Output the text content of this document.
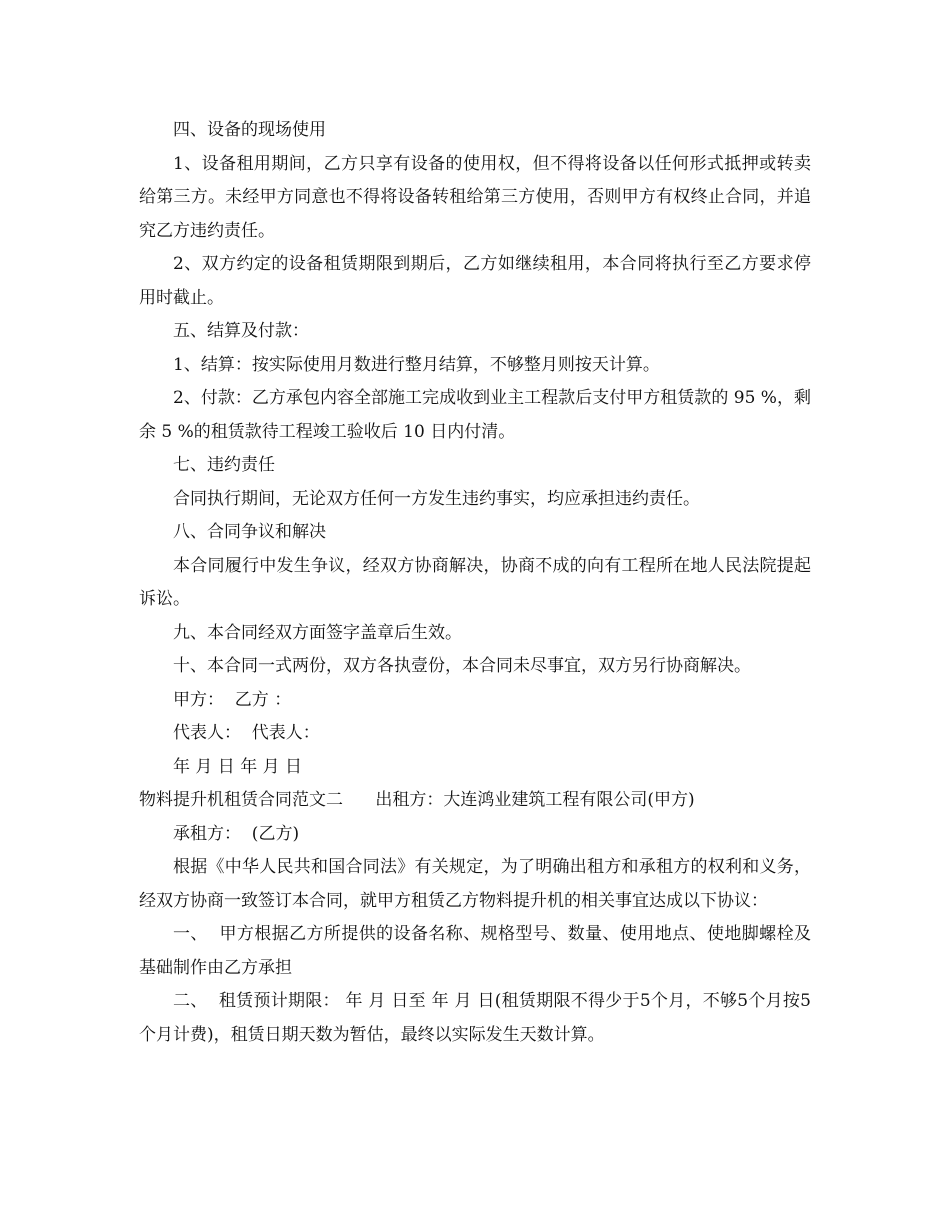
四、设备的现场使用

1、设备租用期间，乙方只享有设备的使用权，但不得将设备以任何形式抵押或转卖给第三方。未经甲方同意也不得将设备转租给第三方使用，否则甲方有权终止合同，并追究乙方违约责任。

2、双方约定的设备租赁期限到期后，乙方如继续租用，本合同将执行至乙方要求停用时截止。

五、结算及付款：

1、结算：按实际使用月数进行整月结算，不够整月则按天计算。

2、付款：乙方承包内容全部施工完成收到业主工程款后支付甲方租赁款的 95 %，剩余 5 %的租赁款待工程竣工验收后 10 日内付清。

七、违约责任

合同执行期间，无论双方任何一方发生违约事实，均应承担违约责任。

八、合同争议和解决

本合同履行中发生争议，经双方协商解决，协商不成的向有工程所在地人民法院提起诉讼。

九、本合同经双方面签字盖章后生效。

十、本合同一式两份，双方各执壹份，本合同未尽事宜，双方另行协商解决。

甲方：  乙方 ：

代表人：  代表人：

年 月 日 年 月 日

物料提升机租赁合同范文二      出租方：大连鸿业建筑工程有限公司(甲方)

承租方：  (乙方)

根据《中华人民共和国合同法》有关规定，为了明确出租方和承租方的权利和义务，经双方协商一致签订本合同，就甲方租赁乙方物料提升机的相关事宜达成以下协议：

一、  甲方根据乙方所提供的设备名称、规格型号、数量、使用地点、使地脚螺栓及基础制作由乙方承担

二、  租赁预计期限： 年 月 日至 年 月 日(租赁期限不得少于5个月，不够5个月按5个月计费)，租赁日期天数为暂估，最终以实际发生天数计算。
